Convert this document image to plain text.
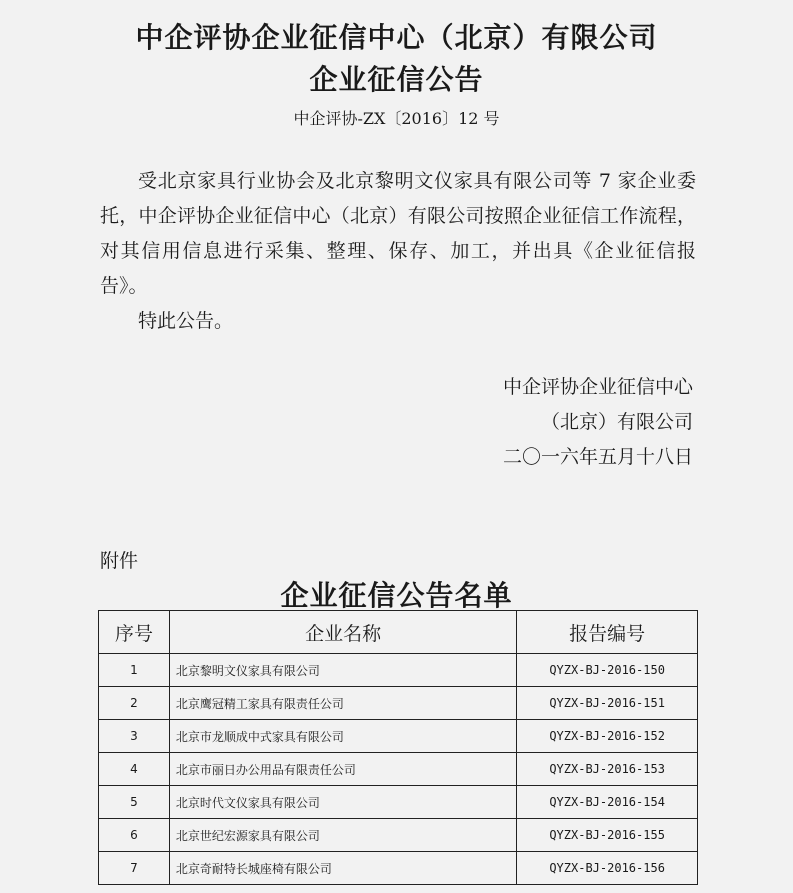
中企评协企业征信中心（北京）有限公司
企业征信公告
中企评协-ZX〔2016〕12 号

受北京家具行业协会及北京黎明文仪家具有限公司等 7 家企业委托，中企评协企业征信中心（北京）有限公司按照企业征信工作流程，对其信用信息进行采集、整理、保存、加工，并出具《企业征信报告》。

特此公告。

中企评协企业征信中心
（北京）有限公司
二〇一六年五月十八日
附件
企业征信公告名单
序号	企业名称	报告编号
1	北京黎明文仪家具有限公司	QYZX-BJ-2016-150
2	北京鹰冠精工家具有限责任公司	QYZX-BJ-2016-151
3	北京市龙顺成中式家具有限公司	QYZX-BJ-2016-152
4	北京市丽日办公用品有限责任公司	QYZX-BJ-2016-153
5	北京时代文仪家具有限公司	QYZX-BJ-2016-154
6	北京世纪宏源家具有限公司	QYZX-BJ-2016-155
7	北京奇耐特长城座椅有限公司	QYZX-BJ-2016-156
